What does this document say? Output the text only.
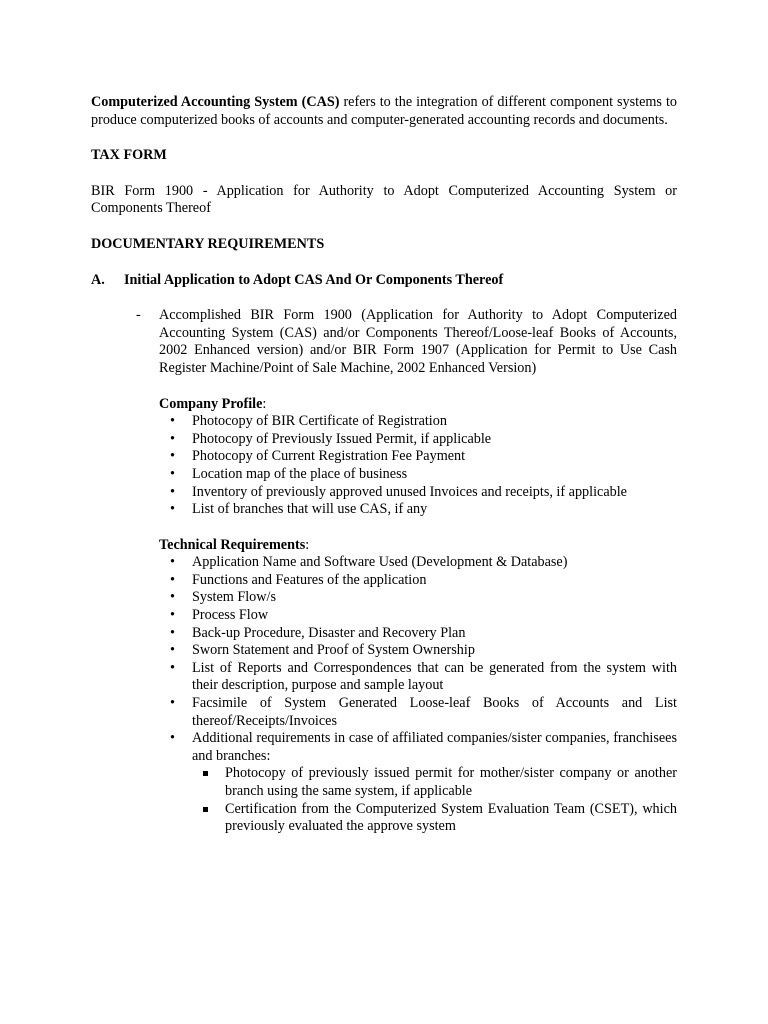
Computerized Accounting System (CAS) refers to the integration of different component systems to produce computerized books of accounts and computer-generated accounting records and documents.

TAX FORM

BIR Form 1900 - Application for Authority to Adopt Computerized Accounting System or Components Thereof

DOCUMENTARY REQUIREMENTS

A.	Initial Application to Adopt CAS And Or Components Thereof
- Accomplished BIR Form 1900 (Application for Authority to Adopt Computerized Accounting System (CAS) and/or Components Thereof/Loose-leaf Books of Accounts, 2002 Enhanced version) and/or BIR Form 1907 (Application for Permit to Use Cash Register Machine/Point of Sale Machine, 2002 Enhanced Version)

Company Profile:

• Photocopy of BIR Certificate of Registration
• Photocopy of Previously Issued Permit, if applicable
• Photocopy of Current Registration Fee Payment
• Location map of the place of business
• Inventory of previously approved unused Invoices and receipts, if applicable
• List of branches that will use CAS, if any

Technical Requirements:

• Application Name and Software Used (Development & Database)
• Functions and Features of the application
• System Flow/s
• Process Flow
• Back-up Procedure, Disaster and Recovery Plan
• Sworn Statement and Proof of System Ownership
• List of Reports and Correspondences that can be generated from the system with their description, purpose and sample layout
• Facsimile of System Generated Loose-leaf Books of Accounts and List thereof/Receipts/Invoices
• Additional requirements in case of affiliated companies/sister companies, franchisees and branches:
Photocopy of previously issued permit for mother/sister company or another branch using the same system, if applicable
Certification from the Computerized System Evaluation Team (CSET), which previously evaluated the approve system
